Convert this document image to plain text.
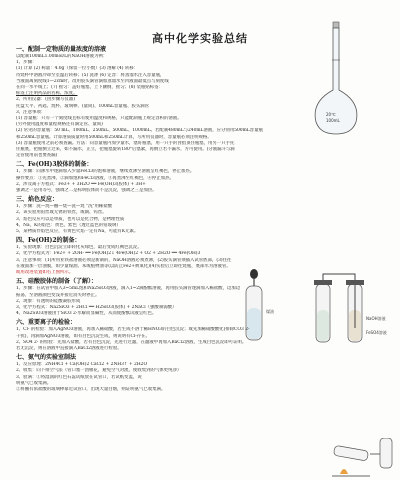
高中化学实验总结
20℃
100mL
煤油
NaOH溶液
FeSO4溶液
一、配制一定物质的量浓度的溶液
以配制100mL1.00mol/L的NaOH溶液为例：
1、步骤：
(1) 计算 (2) 称量：4.0g（保留一位小数）(3) 溶解 (4) 转移：
待烧杯中溶液冷却至室温后转移；(5) 洗涤 (6) 定容：将蒸馏水注入容量瓶，
当液面离刻度线1—2cm时，改用胶头滴管滴加蒸馏水至凹液面最低点与刻度线
在同一水平线上；(7) 摇匀：盖好瓶塞，上下颠倒，摇匀；(8) 装瓶贴标签：
标签上注明药品的名称、浓度。
2、所用仪器：(由步骤写仪器)
托盘天平、药匙、烧杯、玻璃棒、(量筒)、100mL容量瓶、胶头滴管
3、注意事项：
(1) 容量瓶：只有一个刻度线且标有使用温度和规格，只能配制瓶上规定容积的溶液。
(另外使用温度和量程规格还有滴定管、量筒)
(2) 常见的容量瓶：50 mL、100mL、250mL、500mL、1000mL。若配制480mL与240mL溶液，应分别用500mL容量瓶
和250mL容量瓶。计算溶质质量时用500mL和250mL计算，写所用仪器时，容量瓶必须注明规格。
(3) 容量瓶使用之前必须查漏。方法：向容量瓶内加少量水，塞好瓶塞，用一只手的食指顶住瓶塞，用另一只手托
住瓶底，把瓶倒立过来，如不漏水，正立，把瓶塞旋转180°后塞紧，再倒立若不漏水，方可使用。(分液漏斗与滴
定管使用前也要查漏)
二、Fe(OH)3胶体的制备：
1、步骤：向沸水中逐滴加入少量FeCl3的饱和溶液，继续煮沸至溶液呈红褐色，停止加热。
操作要点：①先煮沸，②滴加饱和FeCl3溶液，③再煮沸至红褐色，④停止加热。
2、涉及离子方程式：Fe3+ + 3H2O ══ Fe(OH)3(胶体) + 3H+
强调之一是用等号，强调之二是标明胶体而不是沉淀，强调之三是加热。
三、焰色反应：
1、步骤：洗—烧—蘸—烧—洗—烧 "洗"用稀盐酸
2、该实验用铂丝或无锈的铁丝，或铜、钨丝。
3、焰色反应可以是单质，也可以是化合物，是物理性质
4、Na，K的焰色：黄色，紫色（透过蓝色的钴玻璃）
5、某物质作焰色反应，有黄色火焰一定有Na，可能有K元素。
四、Fe(OH)2的制备：
1、实验现象：白色沉淀立即转化灰绿色，最后变成红褐色沉淀。
2、化学方程式为：Fe2+ + 2OH- ══ Fe(OH)2↓ 4Fe(OH)2 + O2 + 2H2O ══ 4Fe(OH)3
3、注意事项：(1)所用亚铁盐溶液必须是新制的，NaOH溶液必须煮沸，(2)胶头滴管须插入试管底部，(3)往往
在液面加一层油膜，如少量煤油、苯或植物油等(以防止Fe2+被氧化)(4)实验后立即往烧瓶，底部水为溶液管。
或用改进装置如右上图所示。
五、硅酸胶体的制备（了解）：
1、步骤：在试管中加入3~5mL饱和Na2SiO3溶液，滴入1~2滴酚酞溶液，再用胶头滴管逐滴加入稀盐酸，边加边
振荡，至溶液颜色变浅并接近消失时停止。
2、现象：有透明的硅酸凝胶形成
3、化学方程式：Na2SiO3 + 2HCl ══ H2SiO3(胶体) + 2NaCl（强酸制弱酸）
4、Na2SiO3溶液由于SiO3 2-水解而显碱性，从而使酚酞试液呈红色。
六、重要离子的检验：
1、Cl- 的检验：加入AgNO3溶液，再加入稀硝酸，若生成不溶于稀HNO3的白色沉淀；或先加稀硝酸酸化(排除CO3 2-
干扰)，再滴加AgNO3溶液，如有白色沉淀生成，则说明有Cl-存在。
2、SO4 2- 的检验：先加入盐酸，若有白色沉淀，先进行过滤，在滤液中再加入BaCl2溶液，生成白色沉淀即可证明。
若无沉淀，则在溶液中直接滴入BaCl2溶液进行检验。
七、氨气的实验室制法
1、反应原理：2NH4Cl + Ca(OH)2 CaCl2 + 2NH3↑ + 2H2O
2、收集：向下排空气法（管口塞一团棉花，避免空气对流，使收集到的气体更纯净）
3、验满：①将湿润的红色石蕊试纸放在试管口，若试纸变蓝，说
明氨气已收集满。
②将蘸有浓盐酸的玻璃棒靠近试管口，出现大量白烟，则证明氨气已收集满。
